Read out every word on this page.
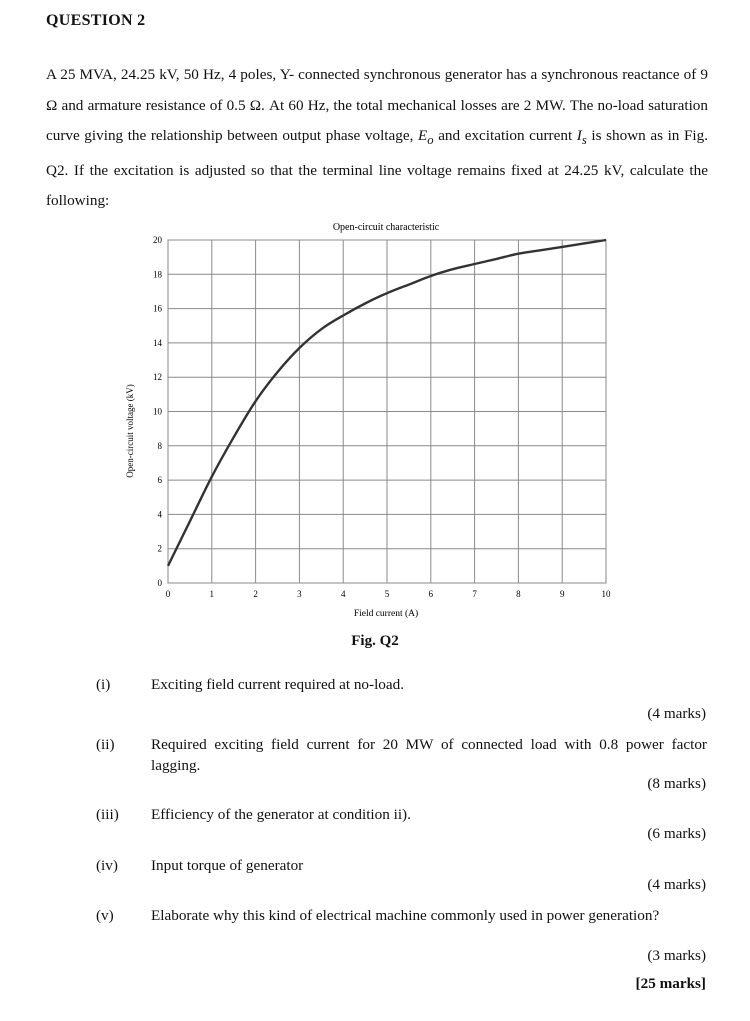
QUESTION 2
A 25 MVA, 24.25 kV, 50 Hz, 4 poles, Y- connected synchronous generator has a synchronous reactance of 9 Ω and armature resistance of 0.5 Ω. At 60 Hz, the total mechanical losses are 2 MW. The no-load saturation curve giving the relationship between output phase voltage, $E_o$ and excitation current $I_s$ is shown as in Fig. Q2. If the excitation is adjusted so that the terminal line voltage remains fixed at 24.25 kV, calculate the following:
0	1	2	3	4	5	6	7	8	9	10
0
2
4
6
8
10
12
14
16
18
20
Open-circuit characteristic
Field current (A)
Open-circuit voltage (kV)
Fig. Q2
(i)	Exciting field current required at no-load.
(4 marks)
(ii) Required exciting field current for 20 MW of connected load with 0.8 power factor lagging.
(8 marks)
(iii) Efficiency of the generator at condition ii).
(6 marks)
(iv) Input torque of generator
(4 marks)
(v) Elaborate why this kind of electrical machine commonly used in power generation?
(3 marks)
[25 marks]
